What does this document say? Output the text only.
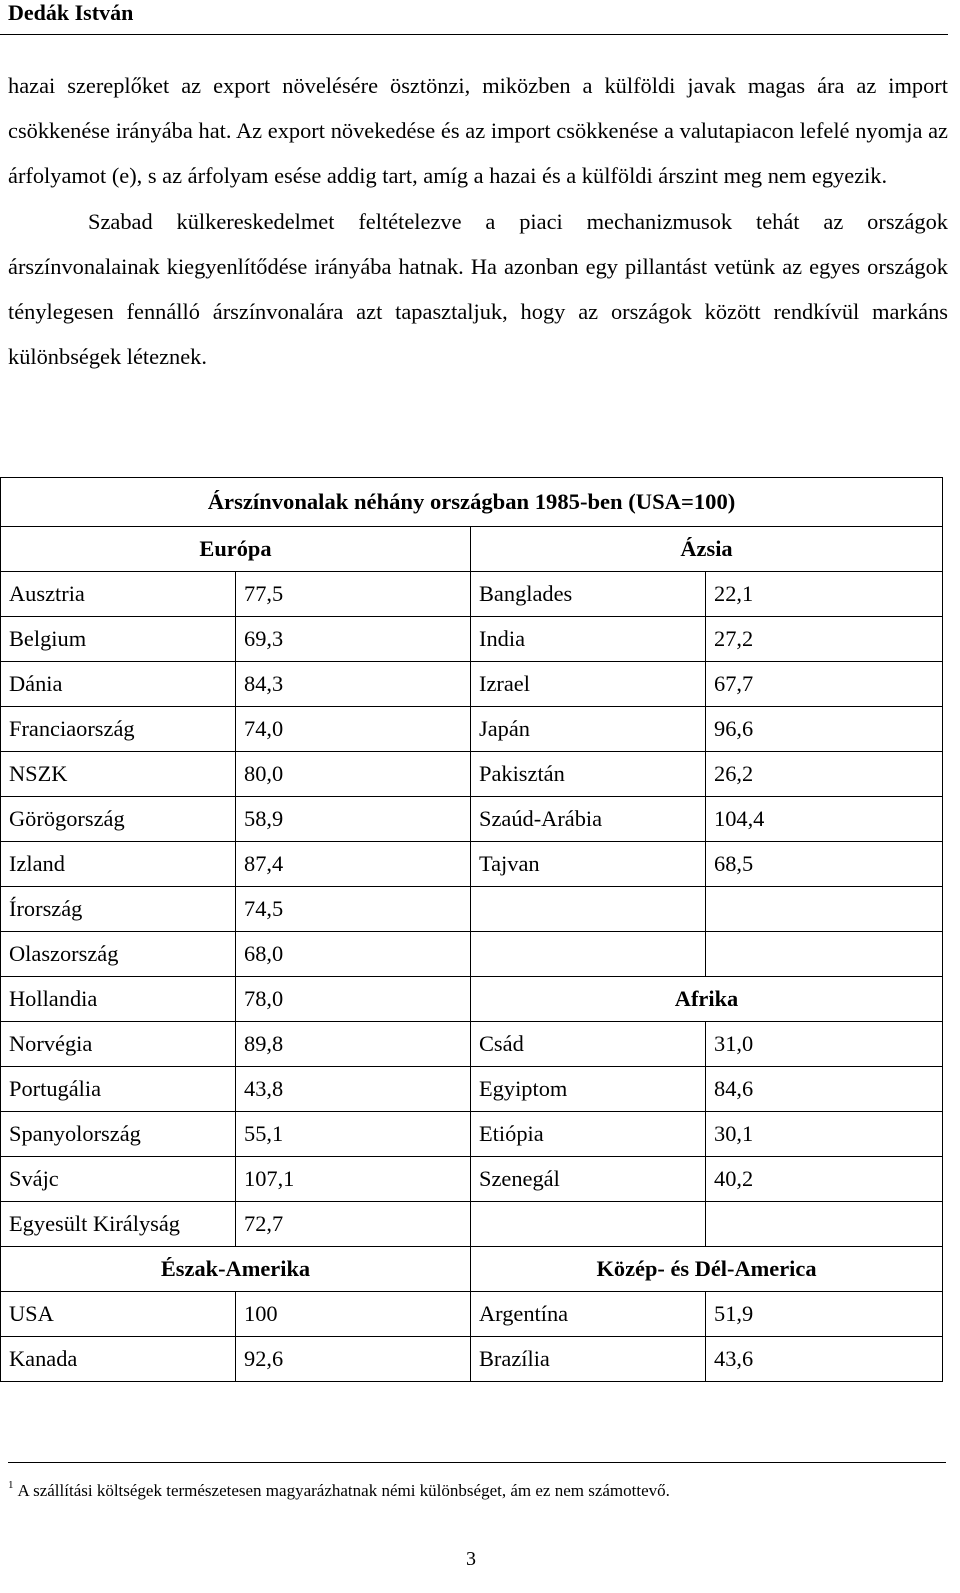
Dedák István

hazai szereplőket az export növelésére ösztönzi, miközben a külföldi javak magas ára az import csökkenése irányába hat. Az export növekedése és az import csökkenése a valutapiacon lefelé nyomja az árfolyamot (e), s az árfolyam esése addig tart, amíg a hazai és a külföldi árszint meg nem egyezik.

Szabad külkereskedelmet feltételezve a piaci mechanizmusok tehát az országok árszínvonalainak kiegyenlítődése irányába hatnak. Ha azonban egy pillantást vetünk az egyes országok ténylegesen fennálló árszínvonalára azt tapasztaljuk, hogy az országok között rendkívül markáns különbségek léteznek.

Árszínvonalak néhány országban 1985-ben (USA=100)			
Európa		Ázsia	
Ausztria	77,5	Banglades	22,1
Belgium	69,3	India	27,2
Dánia	84,3	Izrael	67,7
Franciaország	74,0	Japán	96,6
NSZK	80,0	Pakisztán	26,2
Görögország	58,9	Szaúd-Arábia	104,4
Izland	87,4	Tajvan	68,5
Írország	74,5		
Olaszország	68,0		
Hollandia	78,0	Afrika	
Norvégia	89,8	Csád	31,0
Portugália	43,8	Egyiptom	84,6
Spanyolország	55,1	Etiópia	30,1
Svájc	107,1	Szenegál	40,2
Egyesült Királyság	72,7		
Észak-Amerika		Közép- és Dél-America	
USA	100	Argentína	51,9
Kanada	92,6	Brazília	43,6
$^1$ A szállítási költségek természetesen magyarázhatnak némi különbséget, ám ez nem számottevő.
3
